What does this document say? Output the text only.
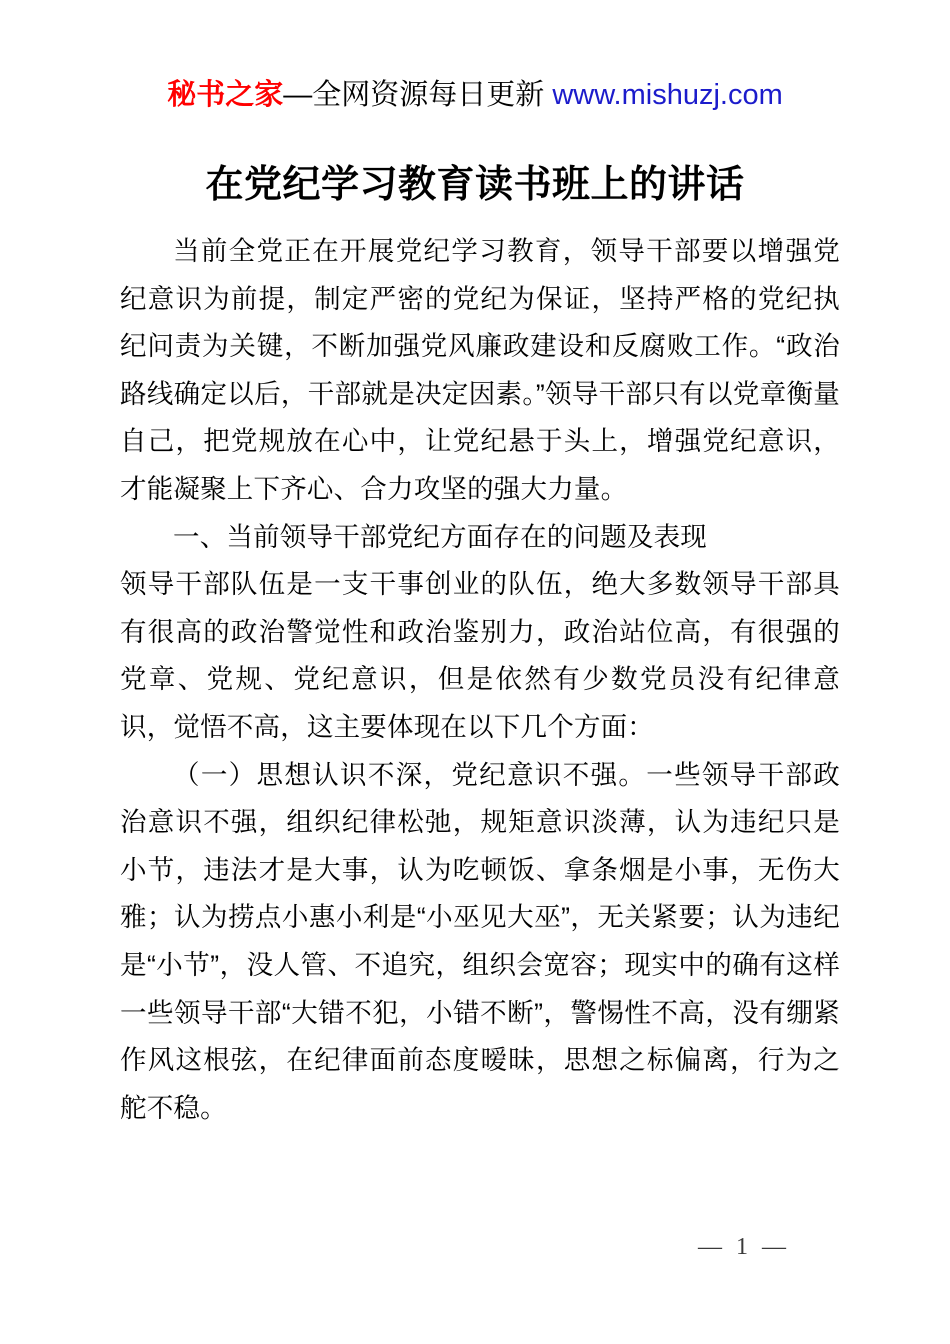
秘书之家—全网资源每日更新 www.mishuzj.com
在党纪学习教育读书班上的讲话

当前全党正在开展党纪学习教育，领导干部要以增强党纪意识为前提，制定严密的党纪为保证，坚持严格的党纪执纪问责为关键，不断加强党风廉政建设和反腐败工作。“政治路线确定以后，干部就是决定因素。”领导干部只有以党章衡量自己，把党规放在心中，让党纪悬于头上，增强党纪意识，才能凝聚上下齐心、合力攻坚的强大力量。

一、当前领导干部党纪方面存在的问题及表现

领导干部队伍是一支干事创业的队伍，绝大多数领导干部具有很高的政治警觉性和政治鉴别力，政治站位高，有很强的党章、党规、党纪意识，但是依然有少数党员没有纪律意识，觉悟不高，这主要体现在以下几个方面：

（一）思想认识不深，党纪意识不强。一些领导干部政治意识不强，组织纪律松弛，规矩意识淡薄，认为违纪只是小节，违法才是大事，认为吃顿饭、拿条烟是小事，无伤大雅；认为捞点小惠小利是“小巫见大巫”，无关紧要；认为违纪是“小节”，没人管、不追究，组织会宽容；现实中的确有这样一些领导干部“大错不犯，小错不断”，警惕性不高，没有绷紧作风这根弦，在纪律面前态度暧昧，思想之标偏离，行为之舵不稳。

— 1 —
